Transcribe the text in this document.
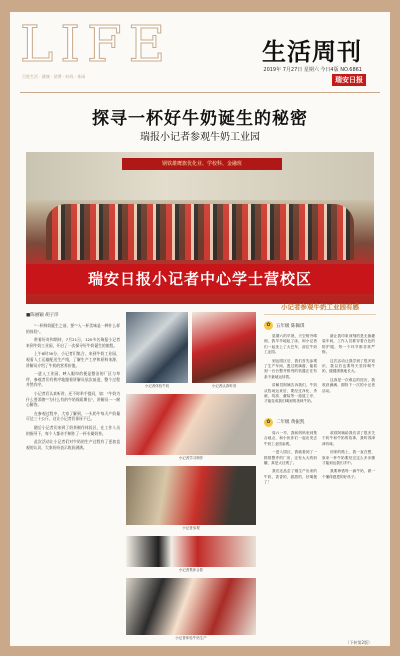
LIFE
百姓生活 · 健康 · 消费 · 时尚 · 休闲
生活周刊
2019年 7月27日 星期六 今日4版 NO.6861
瑞安日报
探寻一杯好牛奶诞生的秘密
瑞报小记者参观牛奶工业园
钢铁雄鹰旗优化业、学校科、金融班
瑞安日报小记者中心学士营校区
■陈丽颖 胡子洋

"一杯鲜奶诞生之前，要""入一杯美味是一种什么样的体验"。

带着好奇和期待，7月21日，120多名瑞报小记者来到牛奶工业园，开启了一次探寻好牛奶诞生的旅程。

上午8时30分，小记者们集合，来到牛奶工业园，观看人工运输配送生产线，了解生产工序和原料来源，讲解员介绍了牛奶的营养价值。

一进入工业园，映入眼帘的便是整洁的厂区与草坪，参观者们有秩序地跟着讲解员依次前进，整个过程井然有序。

小记者们认真听讲，还不时举手提问，如："牛奶为什么要杀菌""为什么有的牛奶保质期长"，讲解员一一耐心解答。

在参观过程中，大家了解到，一头奶牛每天产奶量可达三十公斤，这让小记者们惊讶不已。

随后小记者们来到了奶茶制作体验区，在工作人员的指导下，每个人都亲手制作了一杯专属奶茶。

此次活动让小记者们对牛奶的生产过程有了更加直观的认识，大家纷纷表示收获满满。

小记者体验牛奶	小记者认真听讲
小记者学习制作
小记者参观
小记者集体合影
小记者体验牛奶生产
小记者参观牛奶工业园有感
✿	五年级 陈佩琪

星期六的早晨，天空格外晴朗，我早早地起了床，和小记者们一起坐上了大巴车，前往牛奶工业园。

到达园区后，我们首先参观了生产车间，透过玻璃窗，能看到一台台整齐排列的机器正在有条不紊地运转着。

讲解员阿姨告诉我们，牛奶从牧场运来后，要经过净化、杀菌、均质、灌装等一道道工序，才能变成我们喝到的美味牛奶。

最让我印象深刻的是无菌灌装车间，工作人员都穿着白色的防护服，每一个环节都非常严格。

这次活动让我学到了很多知识，我以后也要每天坚持喝牛奶，健健康康地长大。

这真是一次难忘的经历，我收获满满，期待下一次的小记者活动。

✿	二年级 黄振凯

周六一早，我和妈妈来到集合地点，和小伙伴们一起出发去牛奶工业园参观。

一进入园区，我就看到了一排排整齐的厂房，还有大大的奶罐，真是太壮观了。

我们还品尝了刚生产出来的牛奶，香香的，甜甜的，好喝极了！

叔叔阿姨给我们讲了很多关于奶牛和牛奶的故事，我听得津津有味。

回家的路上，我一直在想，原来一杯牛奶要经过这么多步骤才能到达我们手中。

我要珍惜每一滴牛奶，做一个懂得感恩的好孩子。

（下转第2版）
